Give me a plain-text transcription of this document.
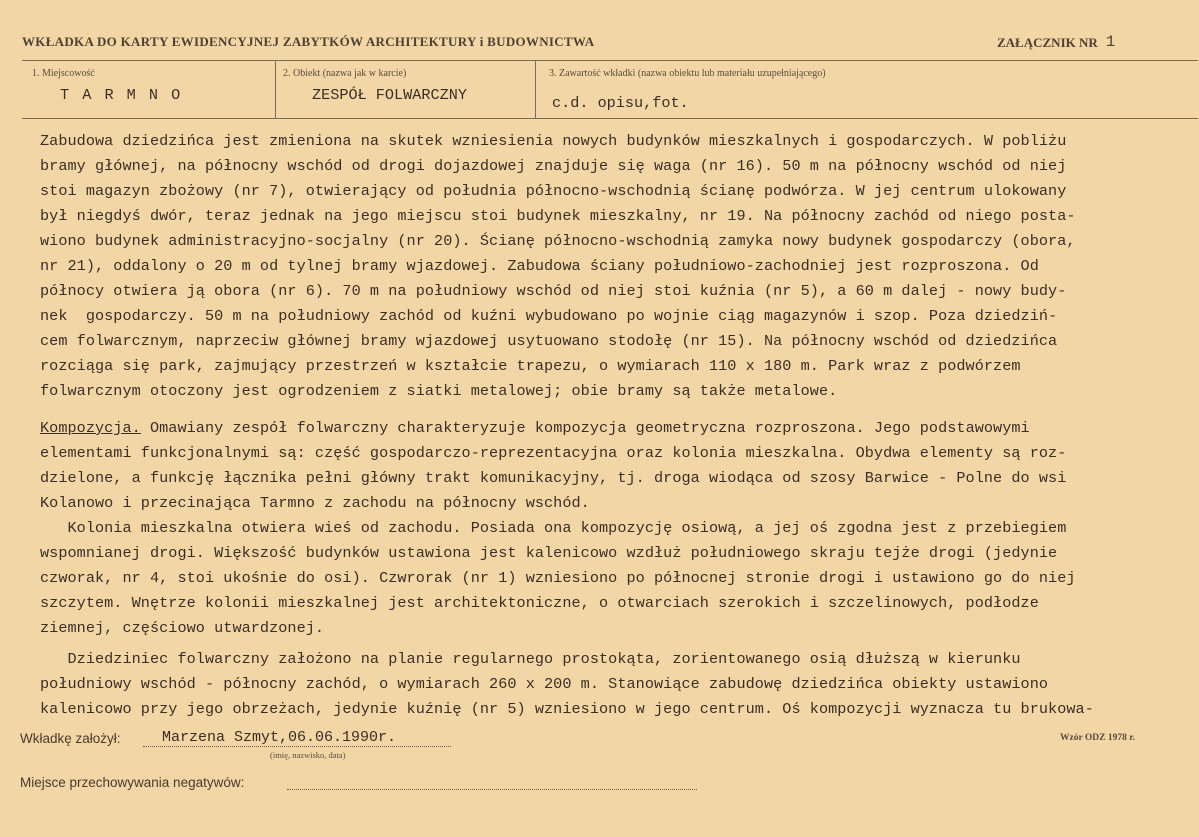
WKŁADKA DO KARTY EWIDENCYJNEJ ZABYTKÓW ARCHITEKTURY i BUDOWNICTWA	ZAŁĄCZNIK NR 1
1. Miejscowość
T A R M N O
2. Obiekt (nazwa jak w karcie)
ZESPÓŁ FOLWARCZNY
3. Zawartość wkładki (nazwa obiektu lub materiału uzupełniającego)
c.d. opisu,fot.
Zabudowa dziedzińca jest zmieniona na skutek wzniesienia nowych budynków mieszkalnych i gospodarczych. W pobliżu
bramy głównej, na północny wschód od drogi dojazdowej znajduje się waga (nr 16). 50 m na północny wschód od niej
stoi magazyn zbożowy (nr 7), otwierający od południa północno-wschodnią ścianę podwórza. W jej centrum ulokowany
był niegdyś dwór, teraz jednak na jego miejscu stoi budynek mieszkalny, nr 19. Na północny zachód od niego posta-
wiono budynek administracyjno-socjalny (nr 20). Ścianę północno-wschodnią zamyka nowy budynek gospodarczy (obora,
nr 21), oddalony o 20 m od tylnej bramy wjazdowej. Zabudowa ściany południowo-zachodniej jest rozproszona. Od
północy otwiera ją obora (nr 6). 70 m na południowy wschód od niej stoi kuźnia (nr 5), a 60 m dalej - nowy budy-
nek  gospodarczy. 50 m na południowy zachód od kuźni wybudowano po wojnie ciąg magazynów i szop. Poza dziedziń-
cem folwarcznym, naprzeciw głównej bramy wjazdowej usytuowano stodołę (nr 15). Na północny wschód od dziedzińca
rozciąga się park, zajmujący przestrzeń w kształcie trapezu, o wymiarach 110 x 180 m. Park wraz z podwórzem
folwarcznym otoczony jest ogrodzeniem z siatki metalowej; obie bramy są także metalowe.
Kompozycja. Omawiany zespół folwarczny charakteryzuje kompozycja geometryczna rozproszona. Jego podstawowymi
elementami funkcjonalnymi są: część gospodarczo-reprezentacyjna oraz kolonia mieszkalna. Obydwa elementy są roz-
dzielone, a funkcję łącznika pełni główny trakt komunikacyjny, tj. droga wiodąca od szosy Barwice - Polne do wsi
Kolanowo i przecinająca Tarmno z zachodu na północny wschód.
Kolonia mieszkalna otwiera wieś od zachodu. Posiada ona kompozycję osiową, a jej oś zgodna jest z przebiegiem
wspomnianej drogi. Większość budynków ustawiona jest kalenicowo wzdłuż południowego skraju tejże drogi (jedynie
czworak, nr 4, stoi ukośnie do osi). Czwrorak (nr 1) wzniesiono po północnej stronie drogi i ustawiono go do niej
szczytem. Wnętrze kolonii mieszkalnej jest architektoniczne, o otwarciach szerokich i szczelinowych, podłodze
ziemnej, częściowo utwardzonej.
Dziedziniec folwarczny założono na planie regularnego prostokąta, zorientowanego osią dłuższą w kierunku
południowy wschód - północny zachód, o wymiarach 260 x 200 m. Stanowiące zabudowę dziedzińca obiekty ustawiono
kalenicowo przy jego obrzeżach, jedynie kuźnię (nr 5) wzniesiono w jego centrum. Oś kompozycji wyznacza tu brukowa-
Wkładkę założył:	Marzena Szmyt,06.06.1990r.
(imię, nazwisko, data)
Wzór ODZ 1978 r.
Miejsce przechowywania negatywów:
